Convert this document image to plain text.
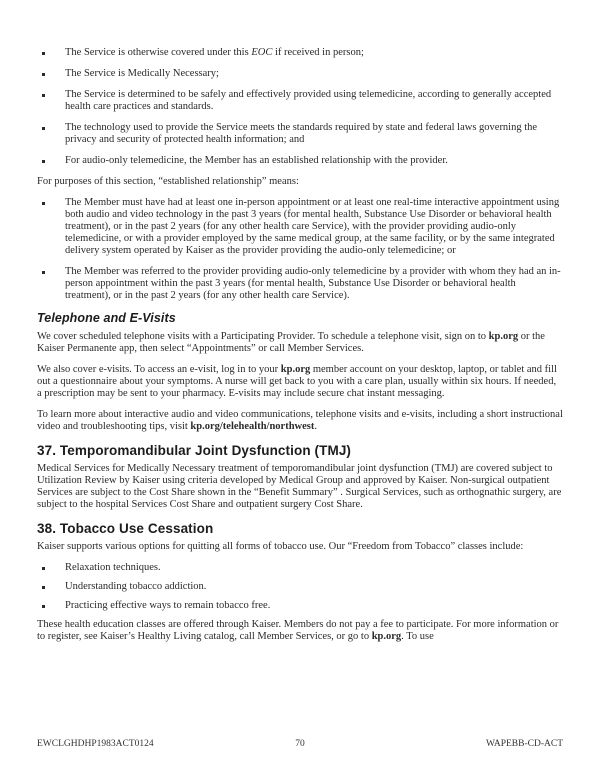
The Service is otherwise covered under this EOC if received in person;
The Service is Medically Necessary;
The Service is determined to be safely and effectively provided using telemedicine, according to generally accepted health care practices and standards.
The technology used to provide the Service meets the standards required by state and federal laws governing the privacy and security of protected health information; and
For audio-only telemedicine, the Member has an established relationship with the provider.

For purposes of this section, “established relationship” means:

The Member must have had at least one in-person appointment or at least one real-time interactive appointment using both audio and video technology in the past 3 years (for mental health, Substance Use Disorder or behavioral health treatment), or in the past 2 years (for any other health care Service), with the provider providing audio-only telemedicine, or with a provider employed by the same medical group, at the same facility, or by the same integrated delivery system operated by Kaiser as the provider providing the audio-only telemedicine; or
The Member was referred to the provider providing audio-only telemedicine by a provider with whom they had an in-person appointment within the past 3 years (for mental health, Substance Use Disorder or behavioral health treatment), or in the past 2 years (for any other health care Service).
Telephone and E-Visits

We cover scheduled telephone visits with a Participating Provider. To schedule a telephone visit, sign on to kp.org or the Kaiser Permanente app, then select “Appointments” or call Member Services.

We also cover e-visits. To access an e-visit, log in to your kp.org member account on your desktop, laptop, or tablet and fill out a questionnaire about your symptoms. A nurse will get back to you with a care plan, usually within six hours. If needed, a prescription may be sent to your pharmacy. E-visits may include secure chat instant messaging.

To learn more about interactive audio and video communications, telephone visits and e-visits, including a short instructional video and troubleshooting tips, visit kp.org/telehealth/northwest.

37. Temporomandibular Joint Dysfunction (TMJ)

Medical Services for Medically Necessary treatment of temporomandibular joint dysfunction (TMJ) are covered subject to Utilization Review by Kaiser using criteria developed by Medical Group and approved by Kaiser. Non-surgical outpatient Services are subject to the Cost Share shown in the “Benefit Summary” . Surgical Services, such as orthognathic surgery, are subject to the hospital Services Cost Share and outpatient surgery Cost Share.

38. Tobacco Use Cessation

Kaiser supports various options for quitting all forms of tobacco use. Our “Freedom from Tobacco” classes include:

Relaxation techniques.
Understanding tobacco addiction.
Practicing effective ways to remain tobacco free.

These health education classes are offered through Kaiser. Members do not pay a fee to participate. For more information or to register, see Kaiser’s Healthy Living catalog, call Member Services, or go to kp.org. To use

70
EWCLGHDHP1983ACT0124	WAPEBB-CD-ACT
